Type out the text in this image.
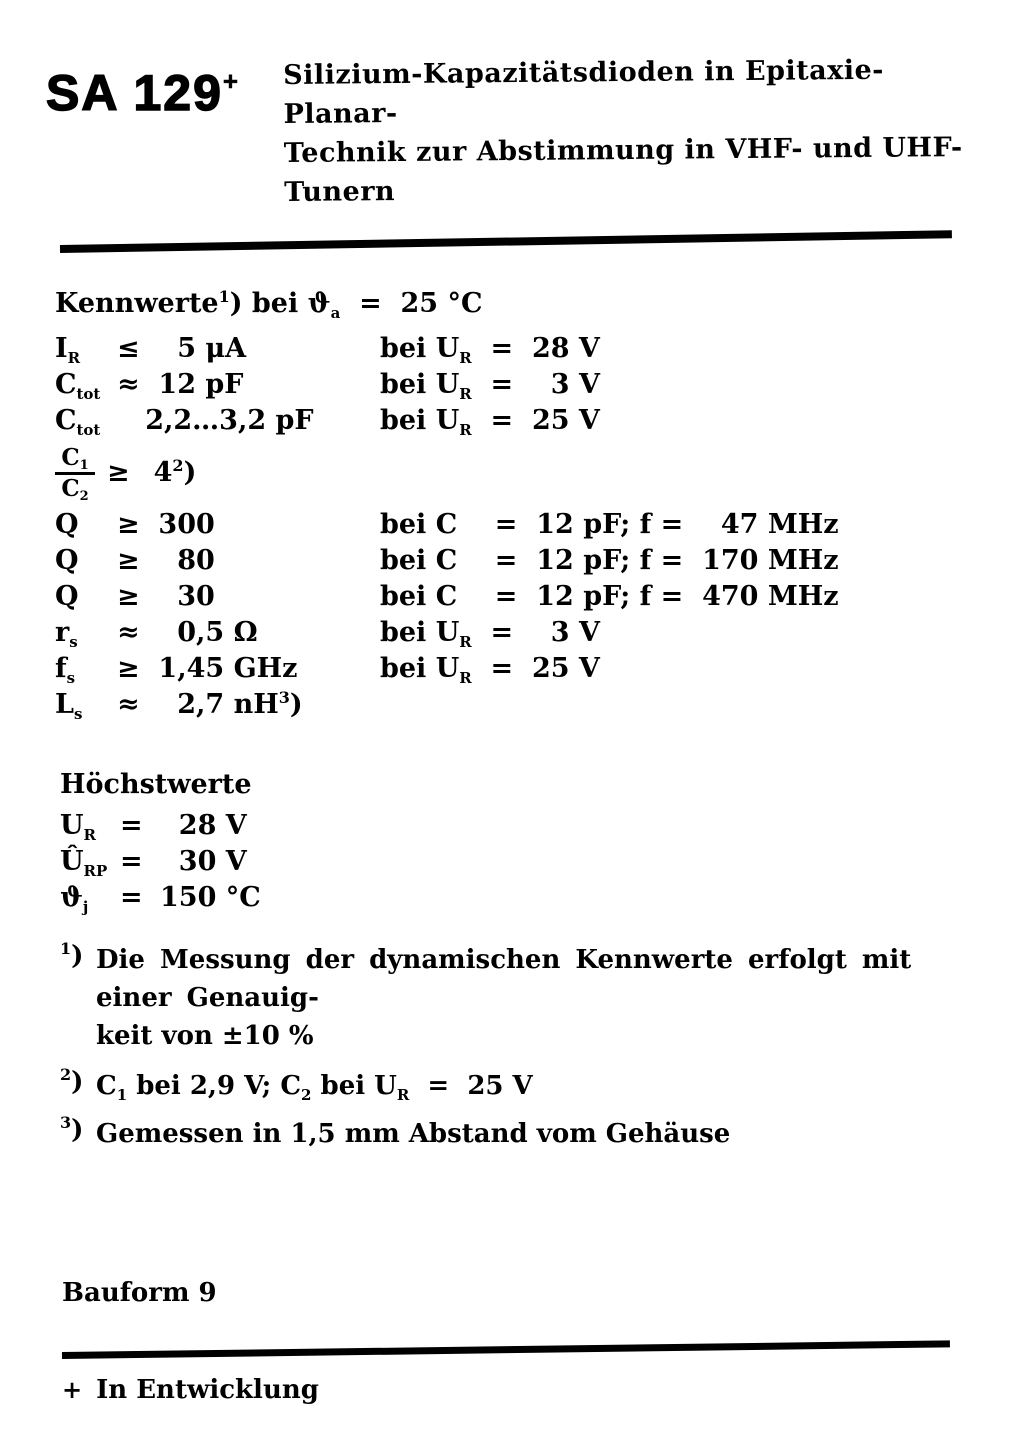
SA 129+ Silizium-Kapazitätsdioden in Epitaxie-Planar-
Technik zur Abstimmung in VHF- und UHF-Tunern
Kennwerte$^1$) bei $ϑ_a = 25$ °C
$I_R$ ≤    5 μA	bei $U_R = 28$ V
$C_{tot} \approx 12$ pF	bei $U_R$  =    3 V
$C_{tot}$   2,2…3,2 pF bei $U_R = 25$ V
$\frac{C_1}{C_2} \ge 4^2$)
Q ≥  300	bei C    =  12 pF; f =    47 MHz
Q ≥    80	bei C    =  12 pF; f =  170 MHz
Q ≥    30	bei C    =  12 pF; f =  470 MHz
$r_s$ ≈    0,5 Ω	bei $U_R$  =    3 V
$f_s \ge 1,45$ GHz	bei $U_R = 25$ V
$L_s$ ≈    2,7 $nH^3$)
Höchstwerte
$U_R = 28$ V
$Û_{RP} = 30$ V
$ϑ_j = 150$ °C
$^1$) Die Messung der dynamischen Kennwerte erfolgt mit einer Genauig-
keit von ±10 %
$^2$) $C_1$ bei 2,9 V; $C_2$ bei $U_R = 25$ V
$^3$) Gemessen in 1,5 mm Abstand vom Gehäuse
Bauform 9
+ In Entwicklung
